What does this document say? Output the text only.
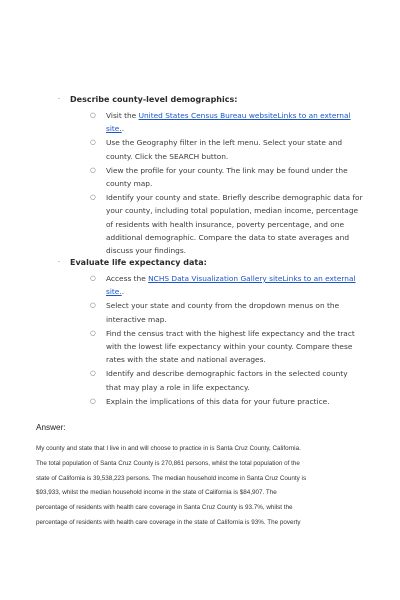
. Describe county-level demographics:
○ Visit the United States Census Bureau websiteLinks to an external site..
○ Use the Geography filter in the left menu. Select your state and county. Click the SEARCH button.
○ View the profile for your county. The link may be found under the county map.
○ Identify your county and state. Briefly describe demographic data for your county, including total population, median income, percentage of residents with health insurance, poverty percentage, and one additional demographic. Compare the data to state averages and discuss your findings.
. Evaluate life expectancy data:
○ Access the NCHS Data Visualization Gallery siteLinks to an external site..
○ Select your state and county from the dropdown menus on the interactive map.
○ Find the census tract with the highest life expectancy and the tract with the lowest life expectancy within your county. Compare these rates with the state and national averages.
○ Identify and describe demographic factors in the selected county that may play a role in life expectancy.
○ Explain the implications of this data for your future practice.
Answer:
My county and state that I live in and will choose to practice in is Santa Cruz County, California.
The total population of Santa Cruz County is 270,861 persons, whilst the total population of the
state of California is 39,538,223 persons. The median household income in Santa Cruz County is
$93,933, whilst the median household income in the state of California is $84,907. The
percentage of residents with health care coverage in Santa Cruz County is 93.7%, whilst the
percentage of residents with health care coverage in the state of California is 93%. The poverty
